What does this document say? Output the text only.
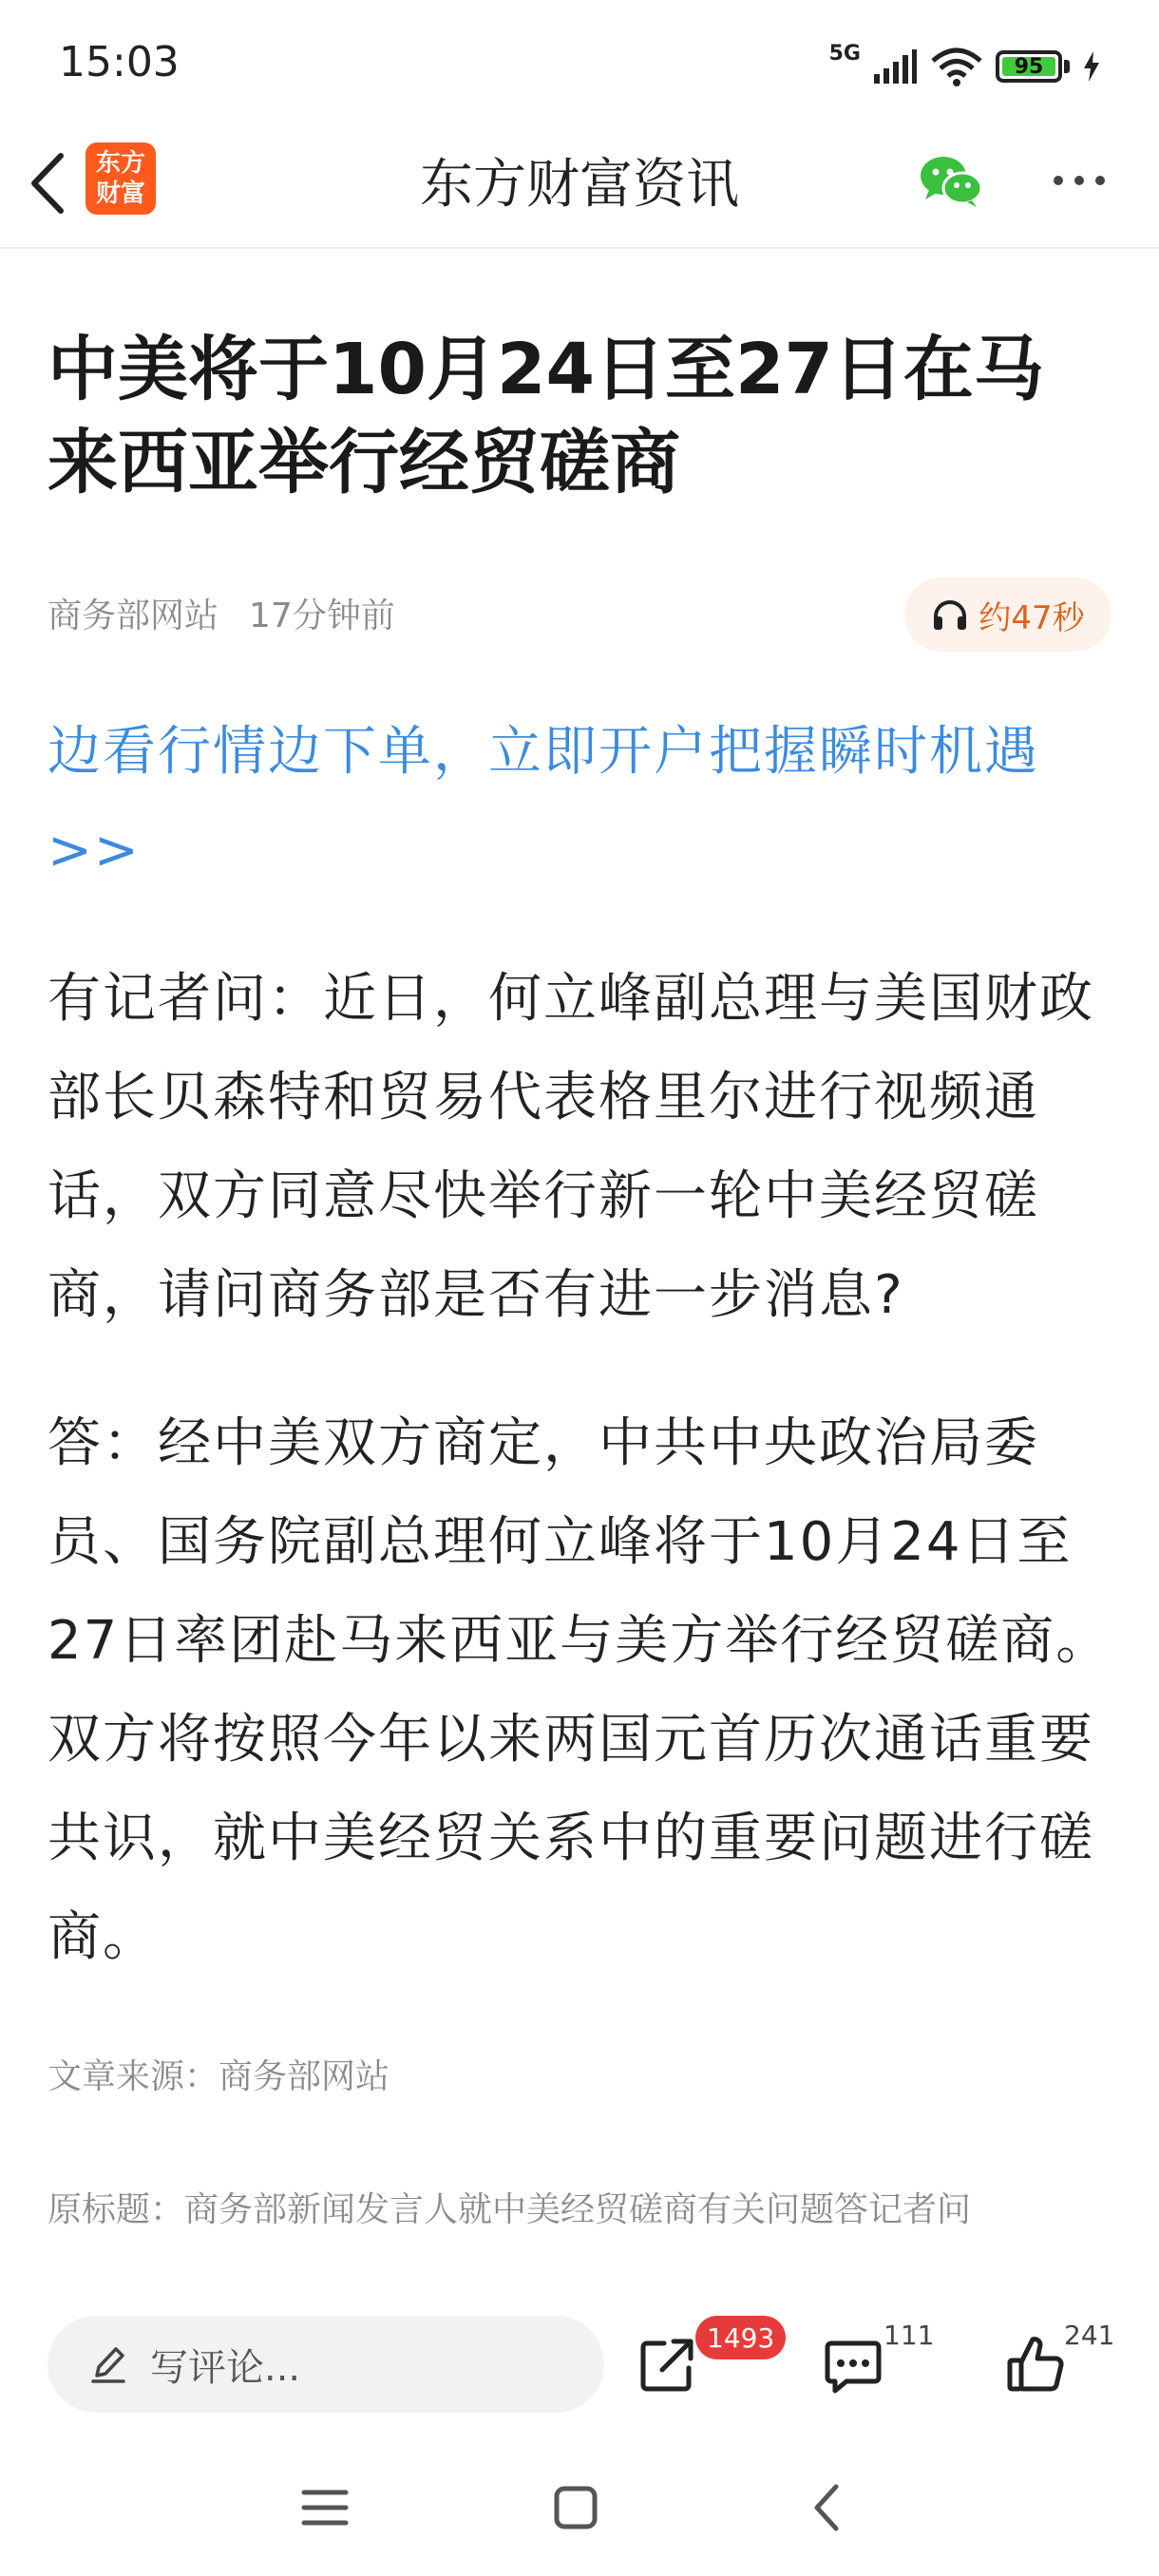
15:03	5G
95
东方
财富	东方财富资讯
中美将于10月24日至27日在马来西亚举行经贸磋商
商务部网站 17分钟前	约47秒
边看行情边下单，立即开户把握瞬时机遇>>
有记者问：近日，何立峰副总理与美国财政部长贝森特和贸易代表格里尔进行视频通话，双方同意尽快举行新一轮中美经贸磋商，请问商务部是否有进一步消息?
答：经中美双方商定，中共中央政治局委员、国务院副总理何立峰将于10月24日至27日率团赴马来西亚与美方举行经贸磋商。双方将按照今年以来两国元首历次通话重要共识，就中美经贸关系中的重要问题进行磋商。
文章来源：商务部网站
原标题：商务部新闻发言人就中美经贸磋商有关问题答记者问
写评论...
1493	111	241
